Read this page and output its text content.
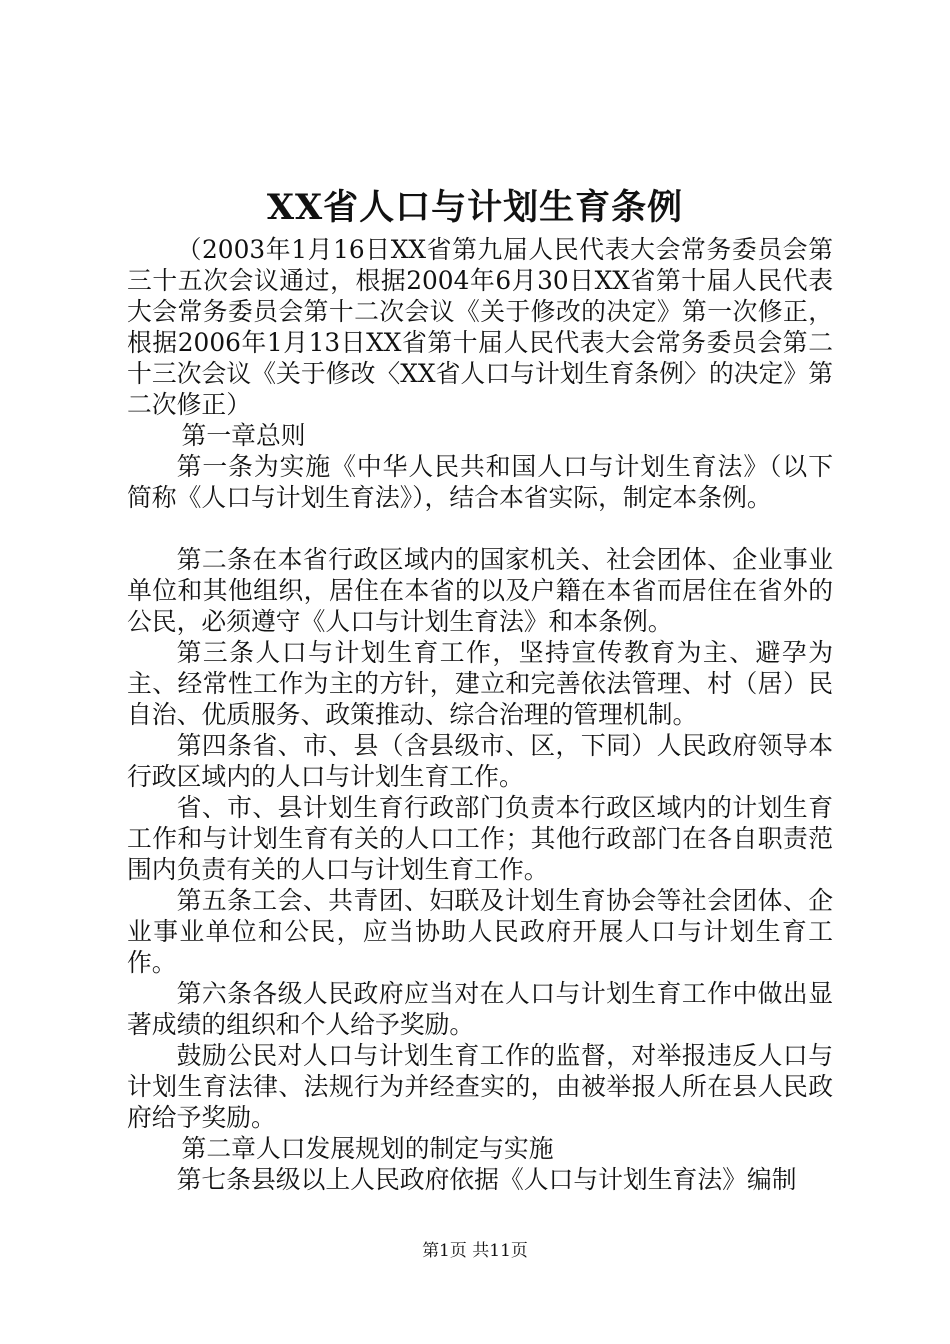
XX省人口与计划生育条例

（2003年1月16日XX省第九届人民代表大会常务委员会第三十五次会议通过，根据2004年6月30日XX省第十届人民代表大会常务委员会第十二次会议《关于修改的决定》第一次修正，根据2006年1月13日XX省第十届人民代表大会常务委员会第二十三次会议《关于修改〈XX省人口与计划生育条例〉的决定》第二次修正）

第一章总则

第一条为实施《中华人民共和国人口与计划生育法》（以下简称《人口与计划生育法》），结合本省实际，制定本条例。

第二条在本省行政区域内的国家机关、社会团体、企业事业单位和其他组织，居住在本省的以及户籍在本省而居住在省外的公民，必须遵守《人口与计划生育法》和本条例。

第三条人口与计划生育工作，坚持宣传教育为主、避孕为主、经常性工作为主的方针，建立和完善依法管理、村（居）民自治、优质服务、政策推动、综合治理的管理机制。

第四条省、市、县（含县级市、区，下同）人民政府领导本行政区域内的人口与计划生育工作。

省、市、县计划生育行政部门负责本行政区域内的计划生育工作和与计划生育有关的人口工作；其他行政部门在各自职责范围内负责有关的人口与计划生育工作。

第五条工会、共青团、妇联及计划生育协会等社会团体、企业事业单位和公民，应当协助人民政府开展人口与计划生育工作。

第六条各级人民政府应当对在人口与计划生育工作中做出显著成绩的组织和个人给予奖励。

鼓励公民对人口与计划生育工作的监督，对举报违反人口与计划生育法律、法规行为并经查实的，由被举报人所在县人民政府给予奖励。

第二章人口发展规划的制定与实施

第七条县级以上人民政府依据《人口与计划生育法》编制

第1页 共11页
